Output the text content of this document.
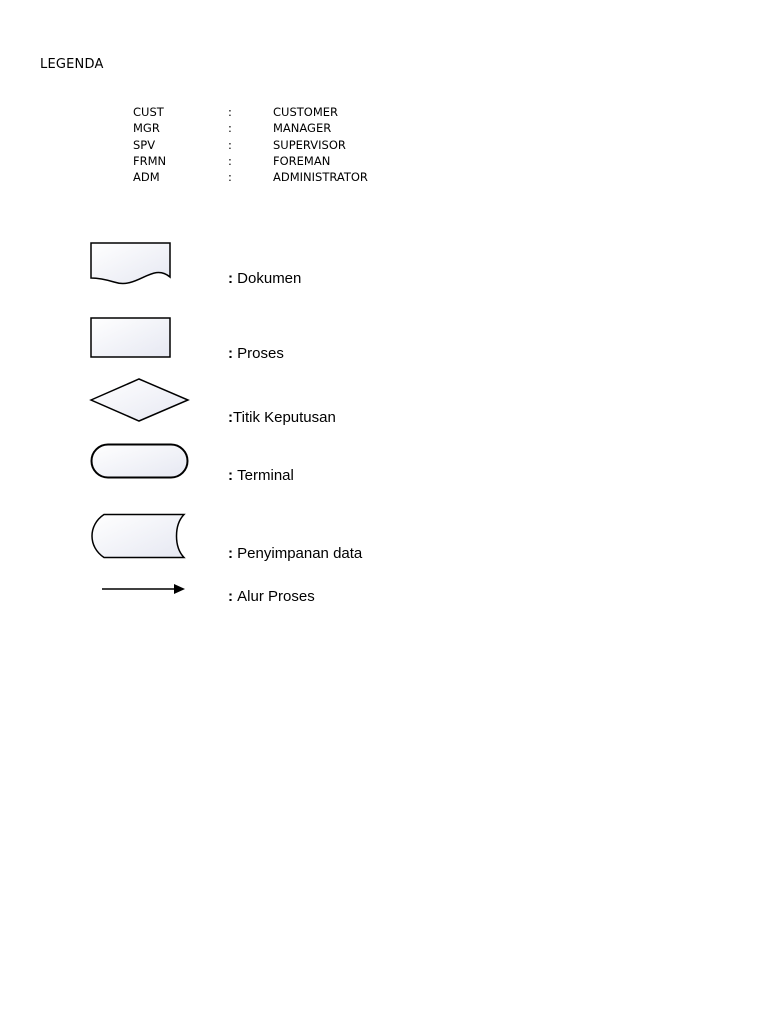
LEGENDA
CUST	:	CUSTOMER
MGR	:	MANAGER
SPV	:	SUPERVISOR
FRMN	:	FOREMAN
ADM	:	ADMINISTRATOR
: Dokumen
: Proses
:Titik Keputusan
: Terminal
: Penyimpanan data
: Alur Proses
